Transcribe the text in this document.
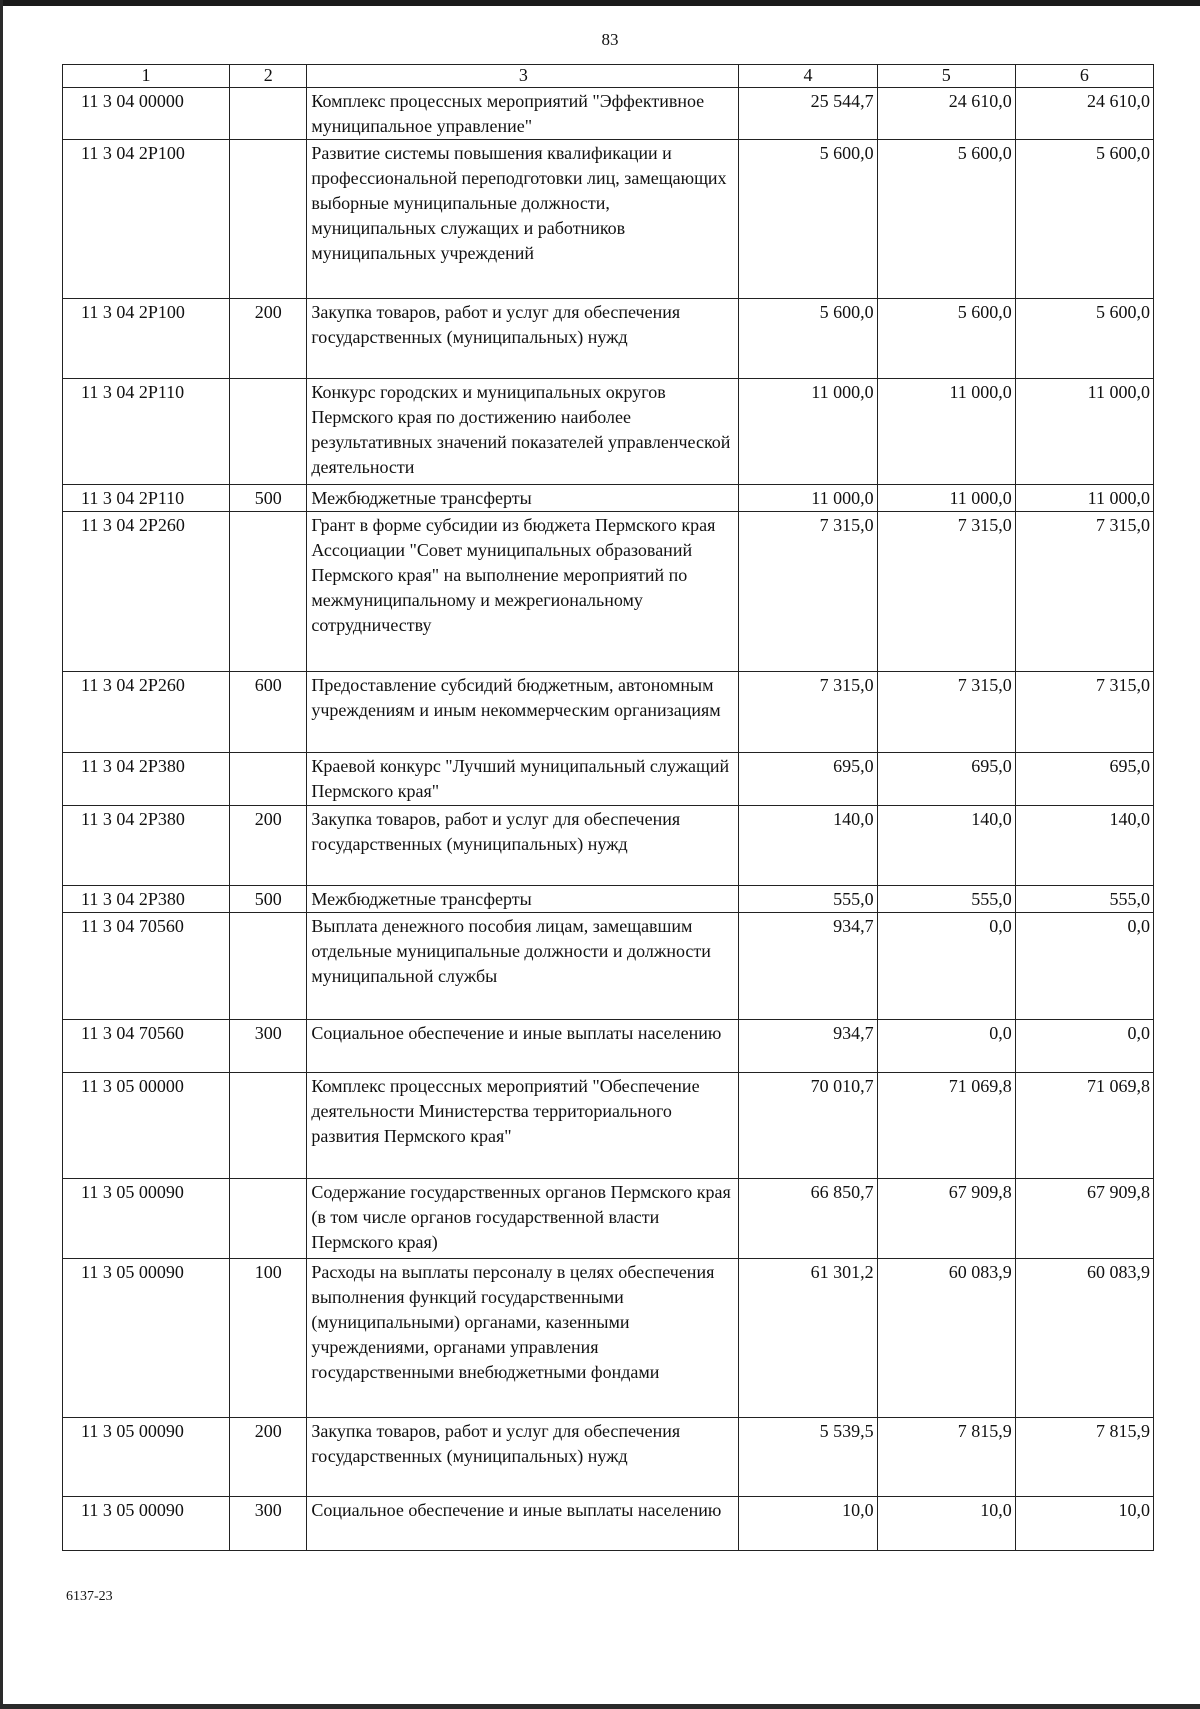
83
1	2	3	4	5	6
11 3 04 00000		Комплекс процессных мероприятий "Эффективное муниципальное управление"	25 544,7	24 610,0	24 610,0
11 3 04 2Р100		Развитие системы повышения квалификации и профессиональной переподготовки лиц, замещающих выборные муниципальные должности, муниципальных служащих и работников муниципальных учреждений	5 600,0	5 600,0	5 600,0
11 3 04 2Р100	200	Закупка товаров, работ и услуг для обеспечения государственных (муниципальных) нужд	5 600,0	5 600,0	5 600,0
11 3 04 2Р110		Конкурс городских и муниципальных округов Пермского края по достижению наиболее результативных значений показателей управленческой деятельности	11 000,0	11 000,0	11 000,0
11 3 04 2Р110	500	Межбюджетные трансферты	11 000,0	11 000,0	11 000,0
11 3 04 2Р260		Грант в форме субсидии из бюджета Пермского края Ассоциации "Совет муниципальных образований Пермского края" на выполнение мероприятий по межмуниципальному и межрегиональному сотрудничеству	7 315,0	7 315,0	7 315,0
11 3 04 2Р260	600	Предоставление субсидий бюджетным, автономным учреждениям и иным некоммерческим организациям	7 315,0	7 315,0	7 315,0
11 3 04 2Р380		Краевой конкурс "Лучший муниципальный служащий Пермского края"	695,0	695,0	695,0
11 3 04 2Р380	200	Закупка товаров, работ и услуг для обеспечения государственных (муниципальных) нужд	140,0	140,0	140,0
11 3 04 2Р380	500	Межбюджетные трансферты	555,0	555,0	555,0
11 3 04 70560		Выплата денежного пособия лицам, замещавшим отдельные муниципальные должности и должности муниципальной службы	934,7	0,0	0,0
11 3 04 70560	300	Социальное обеспечение и иные выплаты населению	934,7	0,0	0,0
11 3 05 00000		Комплекс процессных мероприятий "Обеспечение деятельности Министерства территориального развития Пермского края"	70 010,7	71 069,8	71 069,8
11 3 05 00090		Содержание государственных органов Пермского края (в том числе органов государственной власти Пермского края)	66 850,7	67 909,8	67 909,8
11 3 05 00090	100	Расходы на выплаты персоналу в целях обеспечения выполнения функций государственными (муниципальными) органами, казенными учреждениями, органами управления государственными внебюджетными фондами	61 301,2	60 083,9	60 083,9
11 3 05 00090	200	Закупка товаров, работ и услуг для обеспечения государственных (муниципальных) нужд	5 539,5	7 815,9	7 815,9
11 3 05 00090	300	Социальное обеспечение и иные выплаты населению	10,0	10,0	10,0
6137-23
